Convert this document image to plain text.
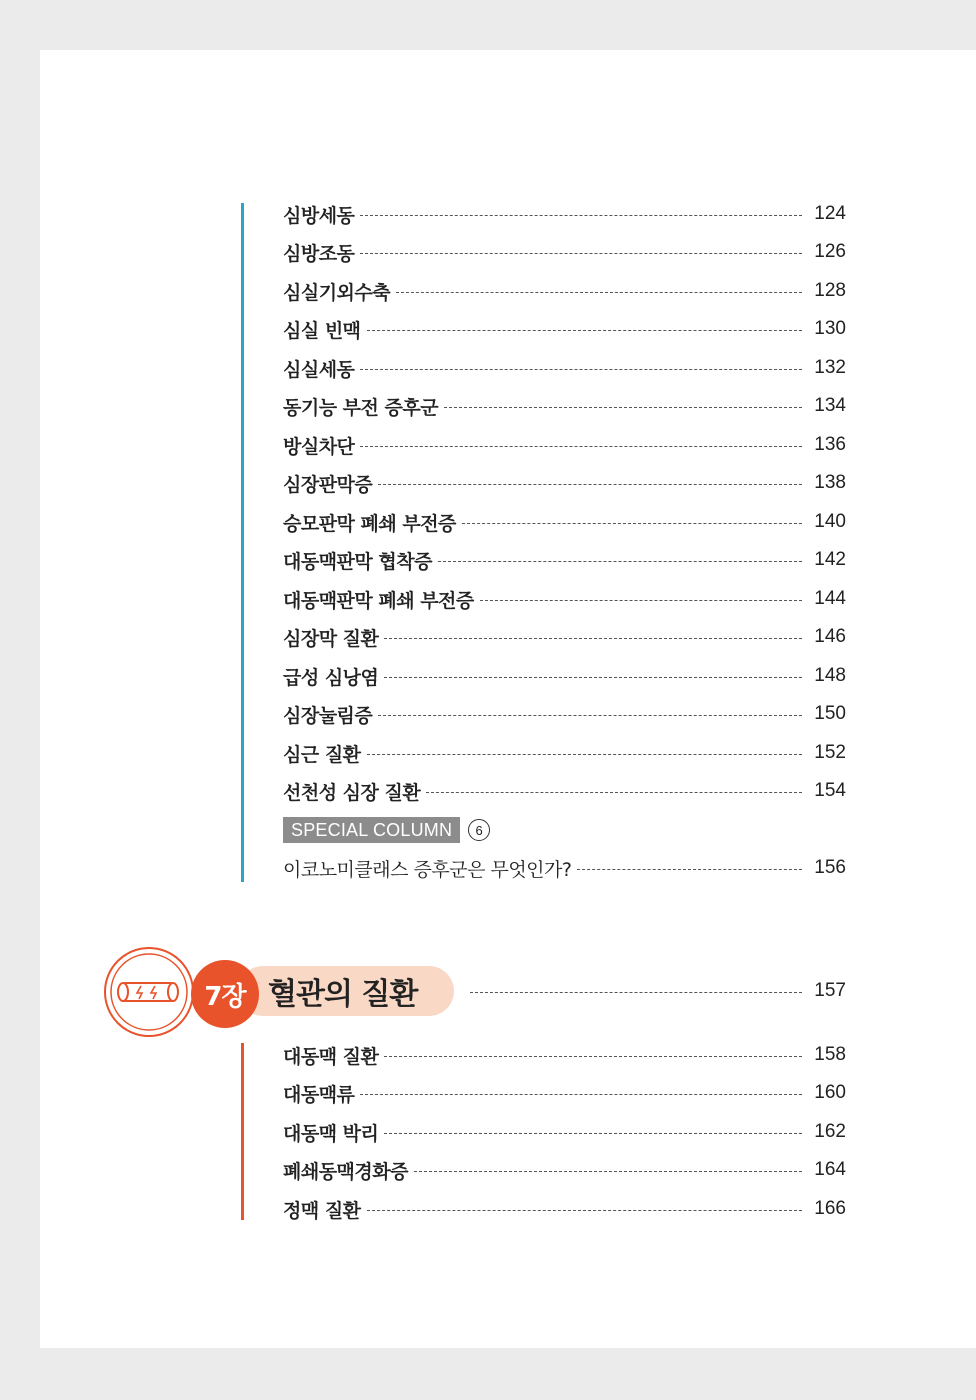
심방세동	124
심방조동	126
심실기외수축	128
심실 빈맥	130
심실세동	132
동기능 부전 증후군	134
방실차단	136
심장판막증	138
승모판막 폐쇄 부전증	140
대동맥판막 협착증	142
대동맥판막 폐쇄 부전증	144
심장막 질환	146
급성 심낭염	148
심장눌림증	150
심근 질환	152
선천성 심장 질환	154
SPECIAL COLUMN	6
이코노미클래스 증후군은 무엇인가?	156
7장 혈관의 질환	157
대동맥 질환	158
대동맥류	160
대동맥 박리	162
폐쇄동맥경화증	164
정맥 질환	166
